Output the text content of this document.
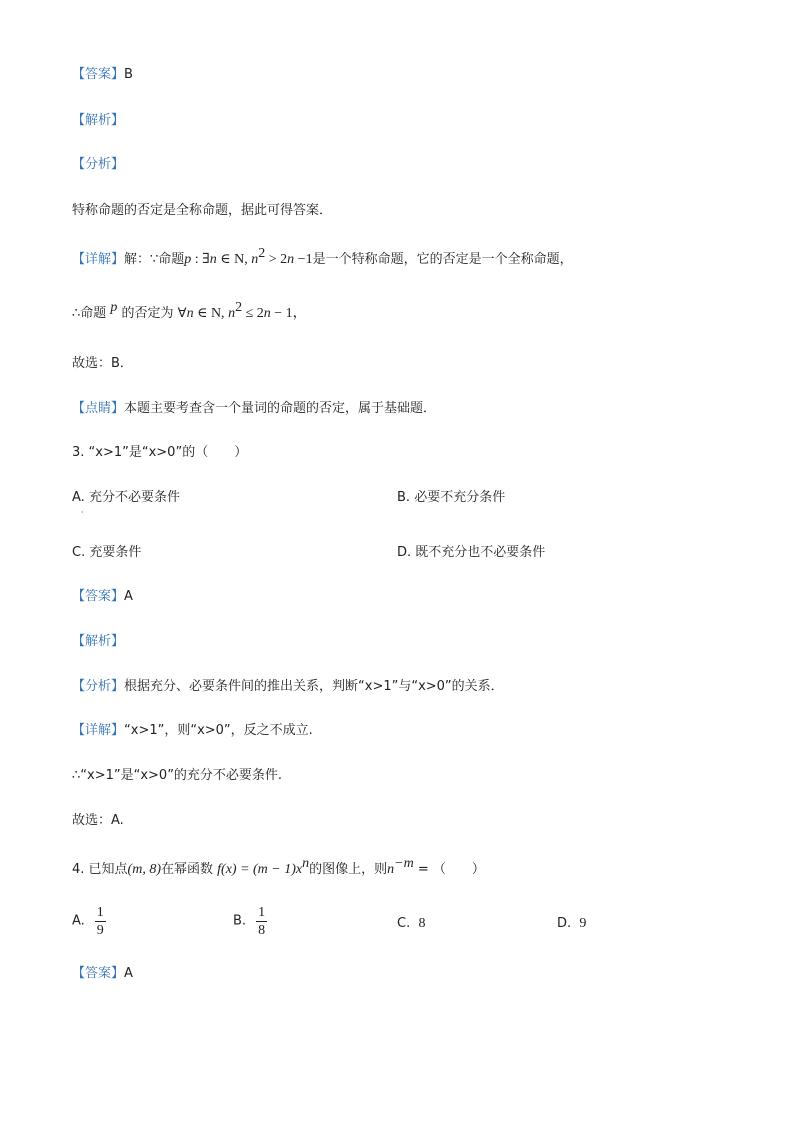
【答案】B
【解析】
【分析】
特称命题的否定是全称命题，据此可得答案．
【详解】解：∵命题p : ∃n ∈ N, $n^2 > 2n -1$是一个特称命题，它的否定是一个全称命题，
∴命题 $^p$ 的否定为 ∀n ∈ N, $n^2 \le 2n - 1$，
故选：B．
【点睛】本题主要考查含一个量词的命题的否定，属于基础题．
3. “x>1”是“x>0”的（　　）
A. 充分不必要条件
·
B. 必要不充分条件
C. 充要条件	D. 既不充分也不必要条件
【答案】A
【解析】
【分析】根据充分、必要条件间的推出关系，判断“x>1”与“x>0”的关系．
【详解】“x>1”，则“x>0”，反之不成立.
∴“x>1”是“x>0”的充分不必要条件.
故选：A.
4. 已知点(m, 8)在幂函数 $f(x) = (m - 1)x^n$的图像上，则$n^{-m}$ = （　　）
A. $\frac{1}{9}$	B. $\frac{1}{8}$	C. 8	D. 9
【答案】A
